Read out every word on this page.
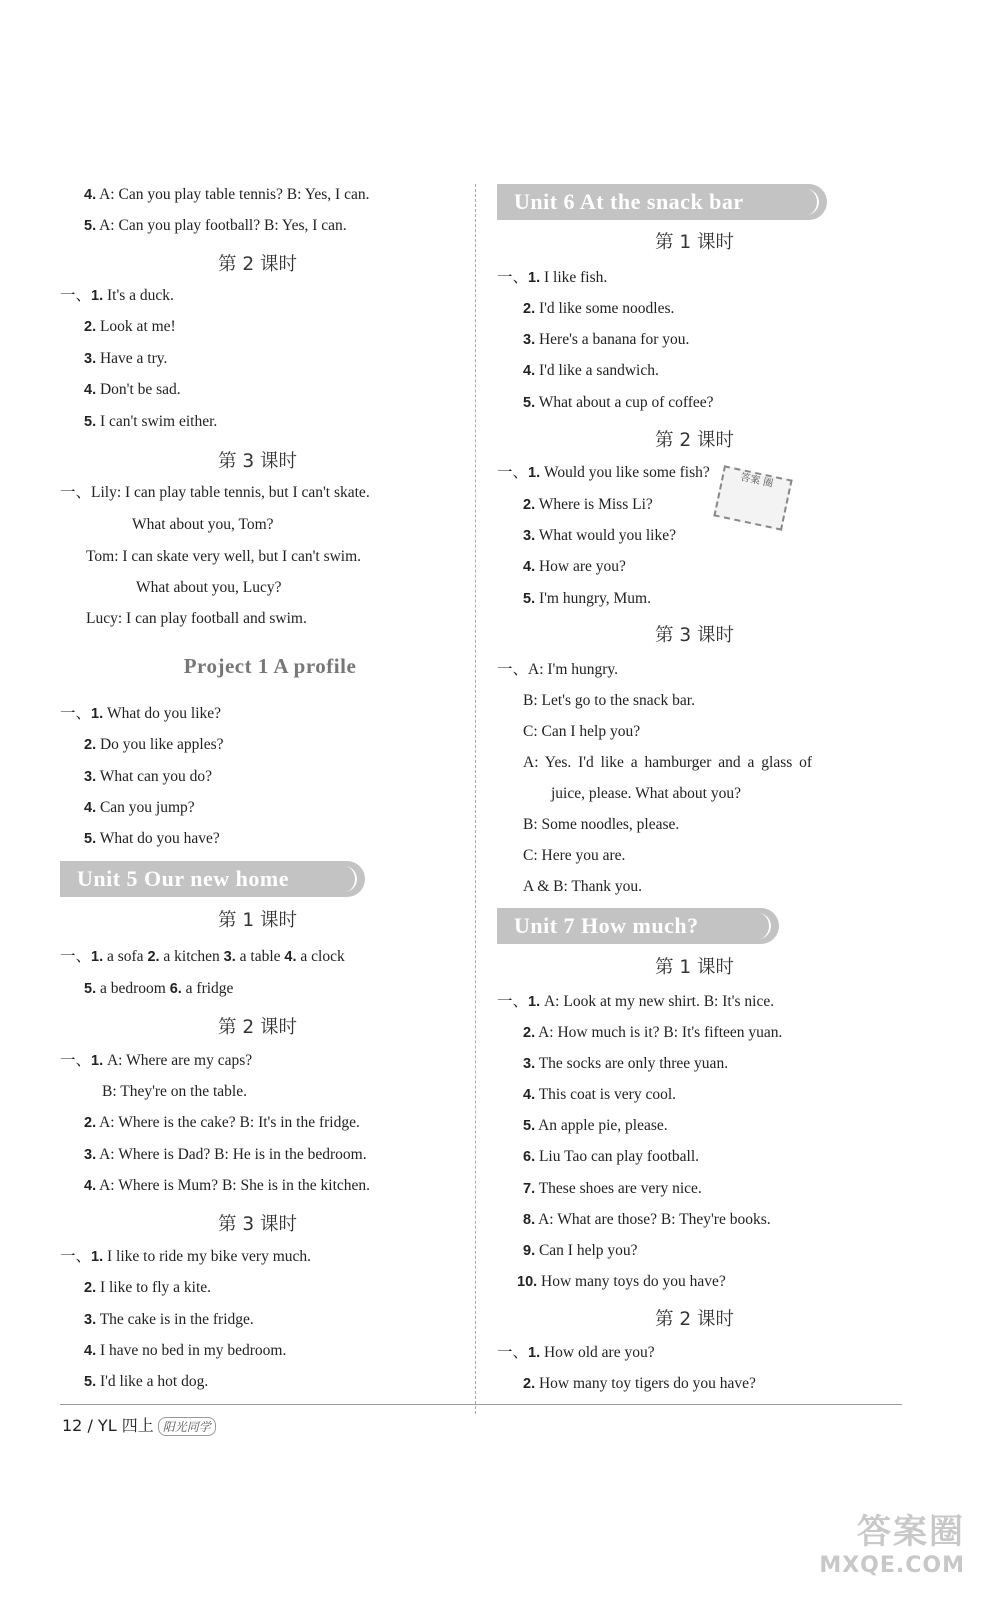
4. A: Can you play table tennis? B: Yes, I can.
5. A: Can you play football? B: Yes, I can.
第 2 课时
一、1. It's a duck.
2. Look at me!
3. Have a try.
4. Don't be sad.
5. I can't swim either.
第 3 课时
一、Lily: I can play table tennis, but I can't skate.
What about you, Tom?
Tom: I can skate very well, but I can't swim.
What about you, Lucy?
Lucy: I can play football and swim.
Project 1 A profile
一、1. What do you like?
2. Do you like apples?
3. What can you do?
4. Can you jump?
5. What do you have?
Unit 5 Our new home
第 1 课时
一、1. a sofa 2. a kitchen 3. a table 4. a clock
5. a bedroom 6. a fridge
第 2 课时
一、1. A: Where are my caps?
B: They're on the table.
2. A: Where is the cake? B: It's in the fridge.
3. A: Where is Dad? B: He is in the bedroom.
4. A: Where is Mum? B: She is in the kitchen.
第 3 课时
一、1. I like to ride my bike very much.
2. I like to fly a kite.
3. The cake is in the fridge.
4. I have no bed in my bedroom.
5. I'd like a hot dog.
Unit 6 At the snack bar
第 1 课时
一、1. I like fish.
2. I'd like some noodles.
3. Here's a banana for you.
4. I'd like a sandwich.
5. What about a cup of coffee?
第 2 课时
一、1. Would you like some fish?
2. Where is Miss Li?
3. What would you like?
4. How are you?
5. I'm hungry, Mum.
第 3 课时
一、A: I'm hungry.
B: Let's go to the snack bar.
C: Can I help you?
A: Yes. I'd like a hamburger and a glass of
juice, please. What about you?
B: Some noodles, please.
C: Here you are.
A & B: Thank you.
答案 圈
Unit 7 How much?
第 1 课时
一、1. A: Look at my new shirt. B: It's nice.
2. A: How much is it? B: It's fifteen yuan.
3. The socks are only three yuan.
4. This coat is very cool.
5. An apple pie, please.
6. Liu Tao can play football.
7. These shoes are very nice.
8. A: What are those? B: They're books.
9. Can I help you?
10. How many toys do you have?
第 2 课时
一、1. How old are you?
2. How many toy tigers do you have?
12 / YL 四上 阳光同学
答案圈
MXQE.COM
